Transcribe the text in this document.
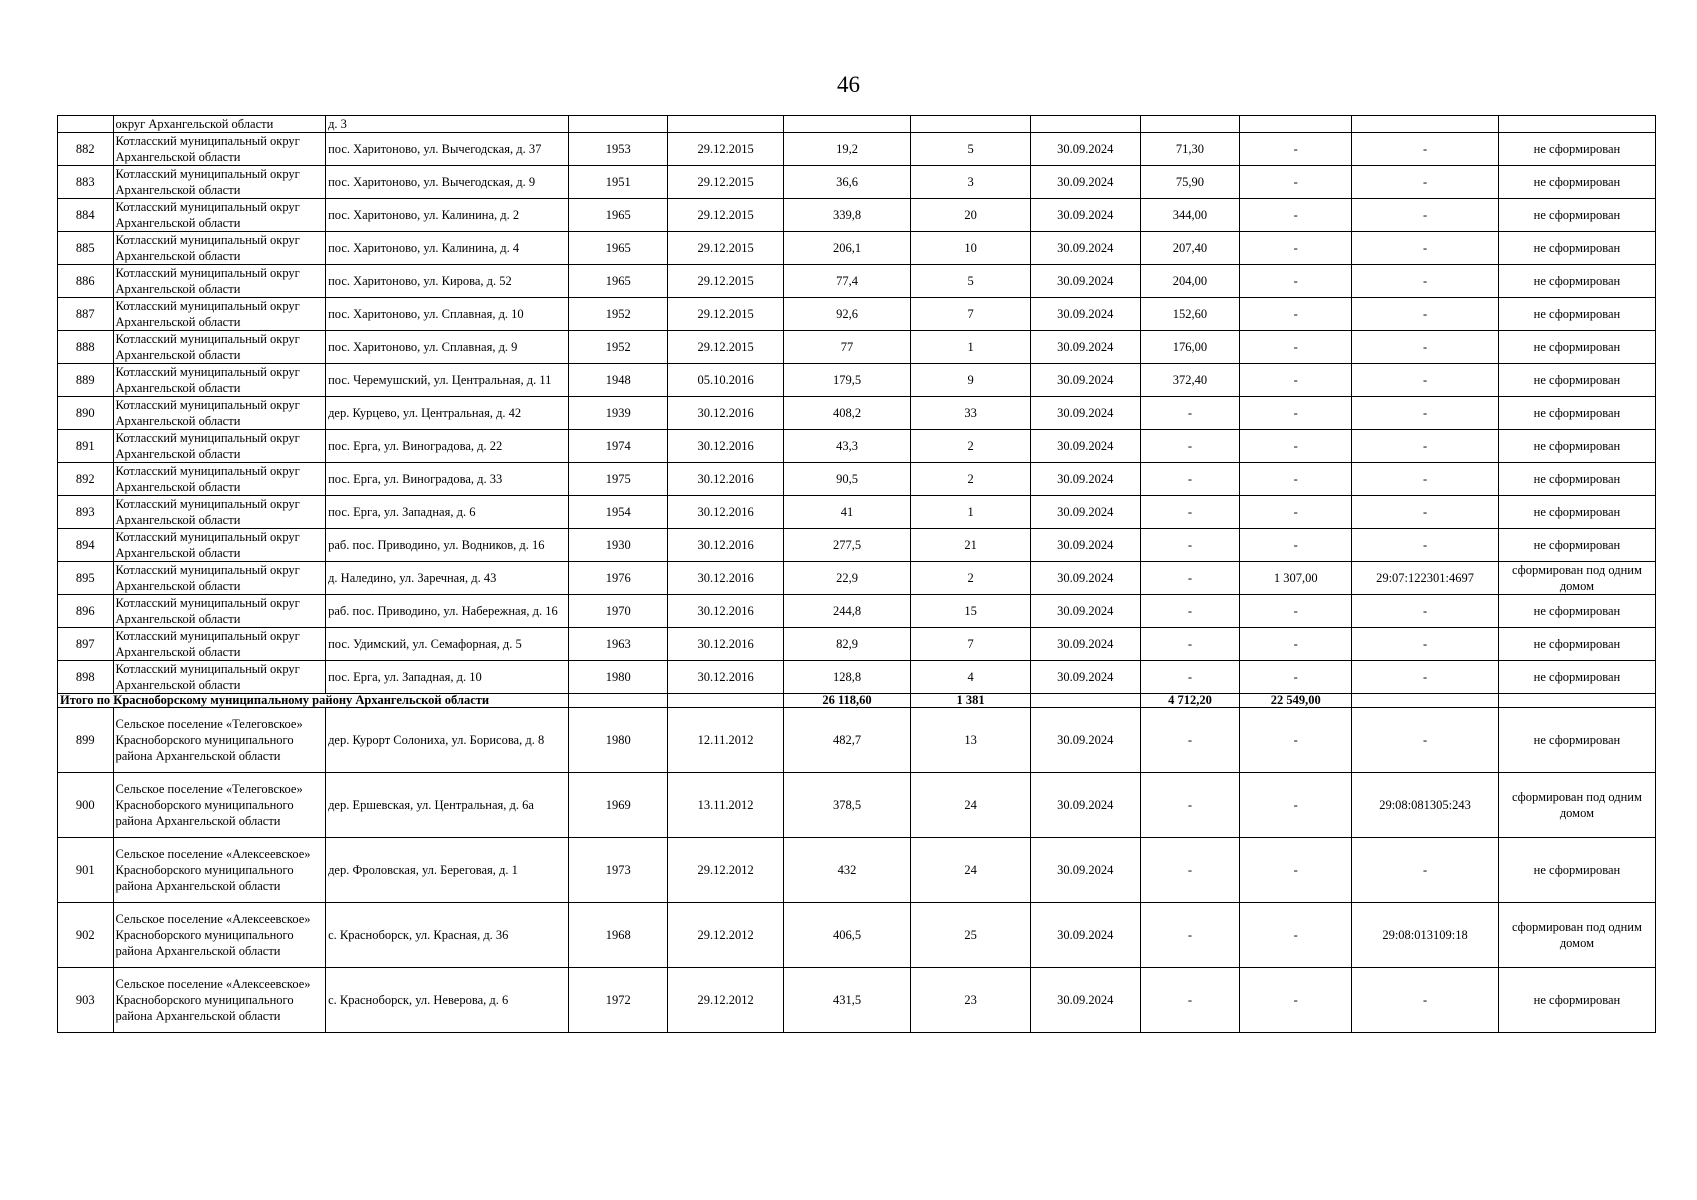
46
	округ Архангельской области	д. 3									
882	Котласский муниципальный округ Архангельской области	пос. Харитоново, ул. Вычегодская, д. 37	1953	29.12.2015	19,2	5	30.09.2024	71,30	-	-	не сформирован
883	Котласский муниципальный округ Архангельской области	пос. Харитоново, ул. Вычегодская, д. 9	1951	29.12.2015	36,6	3	30.09.2024	75,90	-	-	не сформирован
884	Котласский муниципальный округ Архангельской области	пос. Харитоново, ул. Калинина, д. 2	1965	29.12.2015	339,8	20	30.09.2024	344,00	-	-	не сформирован
885	Котласский муниципальный округ Архангельской области	пос. Харитоново, ул. Калинина, д. 4	1965	29.12.2015	206,1	10	30.09.2024	207,40	-	-	не сформирован
886	Котласский муниципальный округ Архангельской области	пос. Харитоново, ул. Кирова, д. 52	1965	29.12.2015	77,4	5	30.09.2024	204,00	-	-	не сформирован
887	Котласский муниципальный округ Архангельской области	пос. Харитоново, ул. Сплавная, д. 10	1952	29.12.2015	92,6	7	30.09.2024	152,60	-	-	не сформирован
888	Котласский муниципальный округ Архангельской области	пос. Харитоново, ул. Сплавная, д. 9	1952	29.12.2015	77	1	30.09.2024	176,00	-	-	не сформирован
889	Котласский муниципальный округ Архангельской области	пос. Черемушский, ул. Центральная, д. 11	1948	05.10.2016	179,5	9	30.09.2024	372,40	-	-	не сформирован
890	Котласский муниципальный округ Архангельской области	дер. Курцево, ул. Центральная, д. 42	1939	30.12.2016	408,2	33	30.09.2024	-	-	-	не сформирован
891	Котласский муниципальный округ Архангельской области	пос. Ерга, ул. Виноградова, д. 22	1974	30.12.2016	43,3	2	30.09.2024	-	-	-	не сформирован
892	Котласский муниципальный округ Архангельской области	пос. Ерга, ул. Виноградова, д. 33	1975	30.12.2016	90,5	2	30.09.2024	-	-	-	не сформирован
893	Котласский муниципальный округ Архангельской области	пос. Ерга, ул. Западная, д. 6	1954	30.12.2016	41	1	30.09.2024	-	-	-	не сформирован
894	Котласский муниципальный округ Архангельской области	раб. пос. Приводино, ул. Водников, д. 16	1930	30.12.2016	277,5	21	30.09.2024	-	-	-	не сформирован
895	Котласский муниципальный округ Архангельской области	д. Наледино, ул. Заречная, д. 43	1976	30.12.2016	22,9	2	30.09.2024	-	1 307,00	29:07:122301:4697	сформирован под одним домом
896	Котласский муниципальный округ Архангельской области	раб. пос. Приводино, ул. Набережная, д. 16	1970	30.12.2016	244,8	15	30.09.2024	-	-	-	не сформирован
897	Котласский муниципальный округ Архангельской области	пос. Удимский, ул. Семафорная, д. 5	1963	30.12.2016	82,9	7	30.09.2024	-	-	-	не сформирован
898	Котласский муниципальный округ Архангельской области	пос. Ерга, ул. Западная, д. 10	1980	30.12.2016	128,8	4	30.09.2024	-	-	-	не сформирован
Итого по Красноборскому муниципальному району Архангельской области					26 118,60	1 381		4 712,20	22 549,00		
899	Сельское поселение «Телеговское» Красноборского муниципального района Архангельской области	дер. Курорт Солониха, ул. Борисова, д. 8	1980	12.11.2012	482,7	13	30.09.2024	-	-	-	не сформирован
900	Сельское поселение «Телеговское» Красноборского муниципального района Архангельской области	дер. Ершевская, ул. Центральная, д. 6а	1969	13.11.2012	378,5	24	30.09.2024	-	-	29:08:081305:243	сформирован под одним домом
901	Сельское поселение «Алексеевское» Красноборского муниципального района Архангельской области	дер. Фроловская, ул. Береговая, д. 1	1973	29.12.2012	432	24	30.09.2024	-	-	-	не сформирован
902	Сельское поселение «Алексеевское» Красноборского муниципального района Архангельской области	с. Красноборск, ул. Красная, д. 36	1968	29.12.2012	406,5	25	30.09.2024	-	-	29:08:013109:18	сформирован под одним домом
903	Сельское поселение «Алексеевское» Красноборского муниципального района Архангельской области	с. Красноборск, ул. Неверова, д. 6	1972	29.12.2012	431,5	23	30.09.2024	-	-	-	не сформирован
